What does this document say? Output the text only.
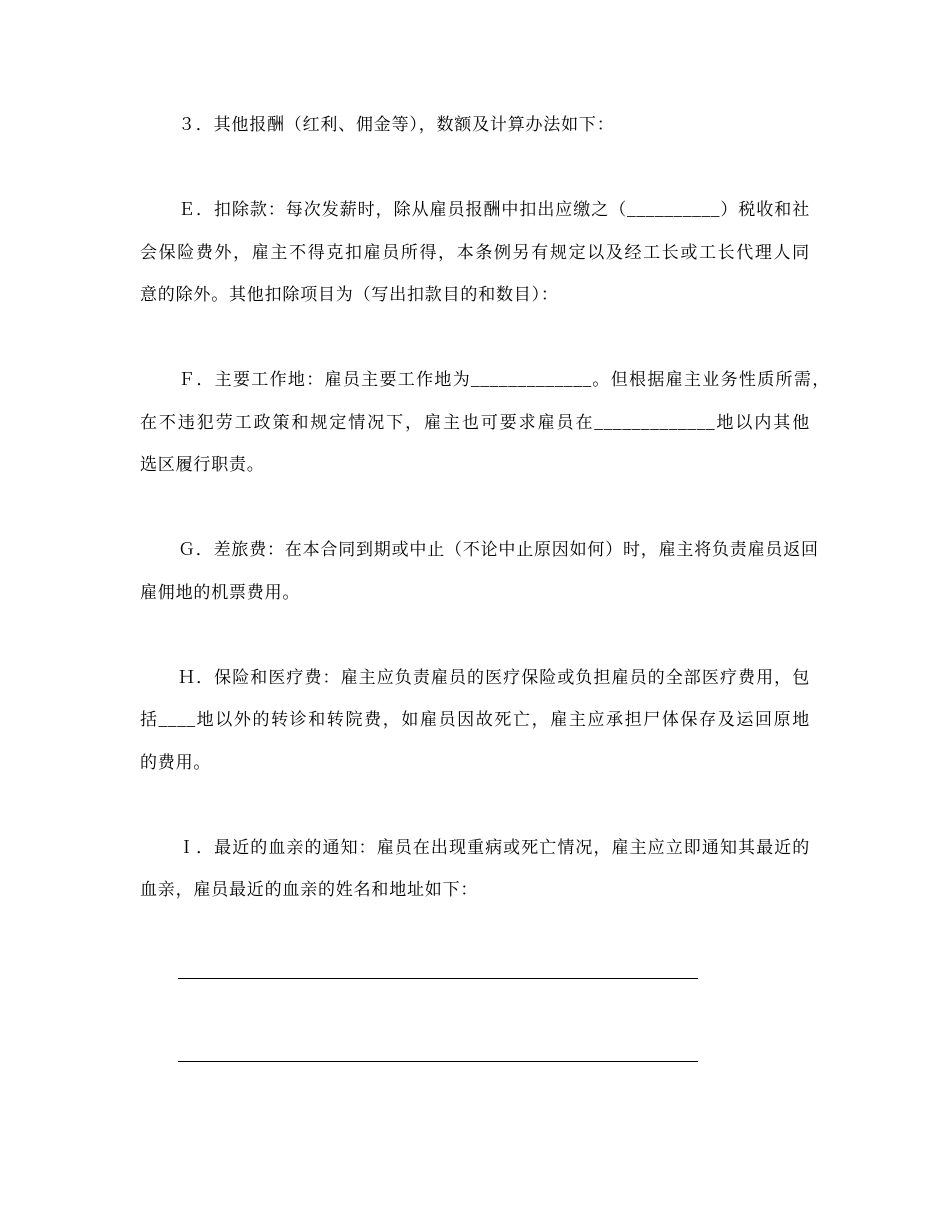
３．其他报酬（红利、佣金等），数额及计算办法如下：
Ｅ．扣除款：每次发薪时，除从雇员报酬中扣出应缴之（__________）税收和社
会保险费外，雇主不得克扣雇员所得，本条例另有规定以及经工长或工长代理人同
意的除外。其他扣除项目为（写出扣款目的和数目）：
Ｆ．主要工作地：雇员主要工作地为_____________。但根据雇主业务性质所需，
在不违犯劳工政策和规定情况下，雇主也可要求雇员在_____________地以内其他
选区履行职责。
Ｇ．差旅费：在本合同到期或中止（不论中止原因如何）时，雇主将负责雇员返回
雇佣地的机票费用。
Ｈ．保险和医疗费：雇主应负责雇员的医疗保险或负担雇员的全部医疗费用，包
括____地以外的转诊和转院费，如雇员因故死亡，雇主应承担尸体保存及运回原地
的费用。
Ｉ．最近的血亲的通知：雇员在出现重病或死亡情况，雇主应立即通知其最近的
血亲，雇员最近的血亲的姓名和地址如下：
